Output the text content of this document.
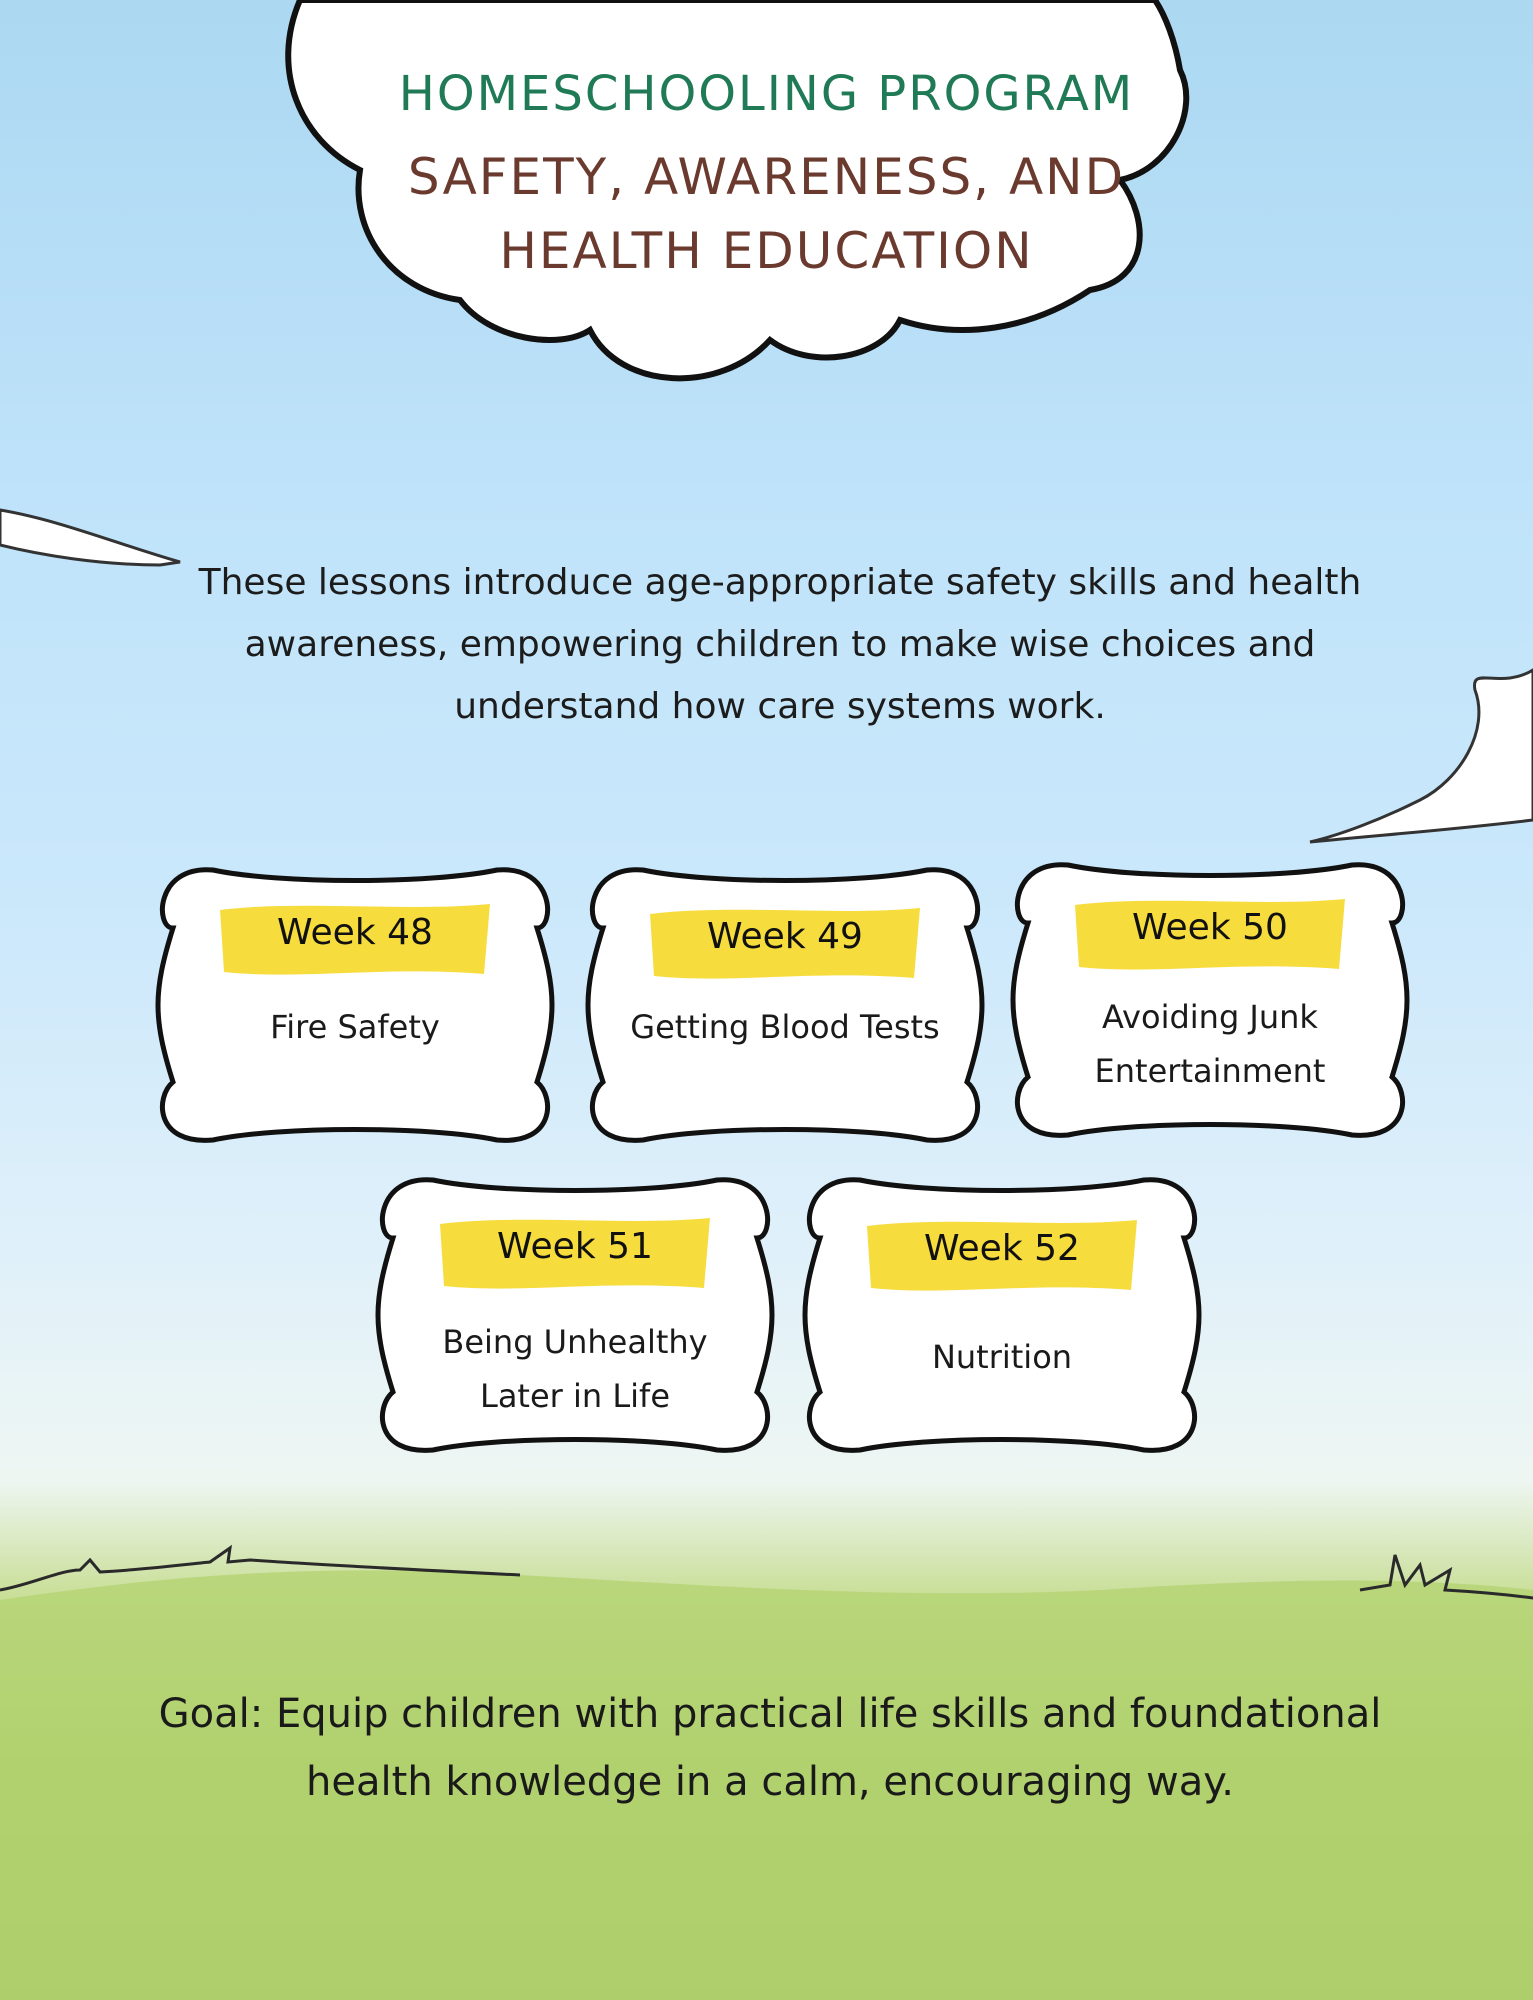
HOMESCHOOLING PROGRAM
SAFETY, AWARENESS, AND
HEALTH EDUCATION
These lessons introduce age-appropriate safety skills and health awareness, empowering children to make wise choices and understand how care systems work.
Week 48
Fire Safety
Week 49
Getting Blood Tests
Week 50
Avoiding Junk Entertainment
Week 51
Being Unhealthy Later in Life
Week 52
Nutrition
Goal: Equip children with practical life skills and foundational health knowledge in a calm, encouraging way.
